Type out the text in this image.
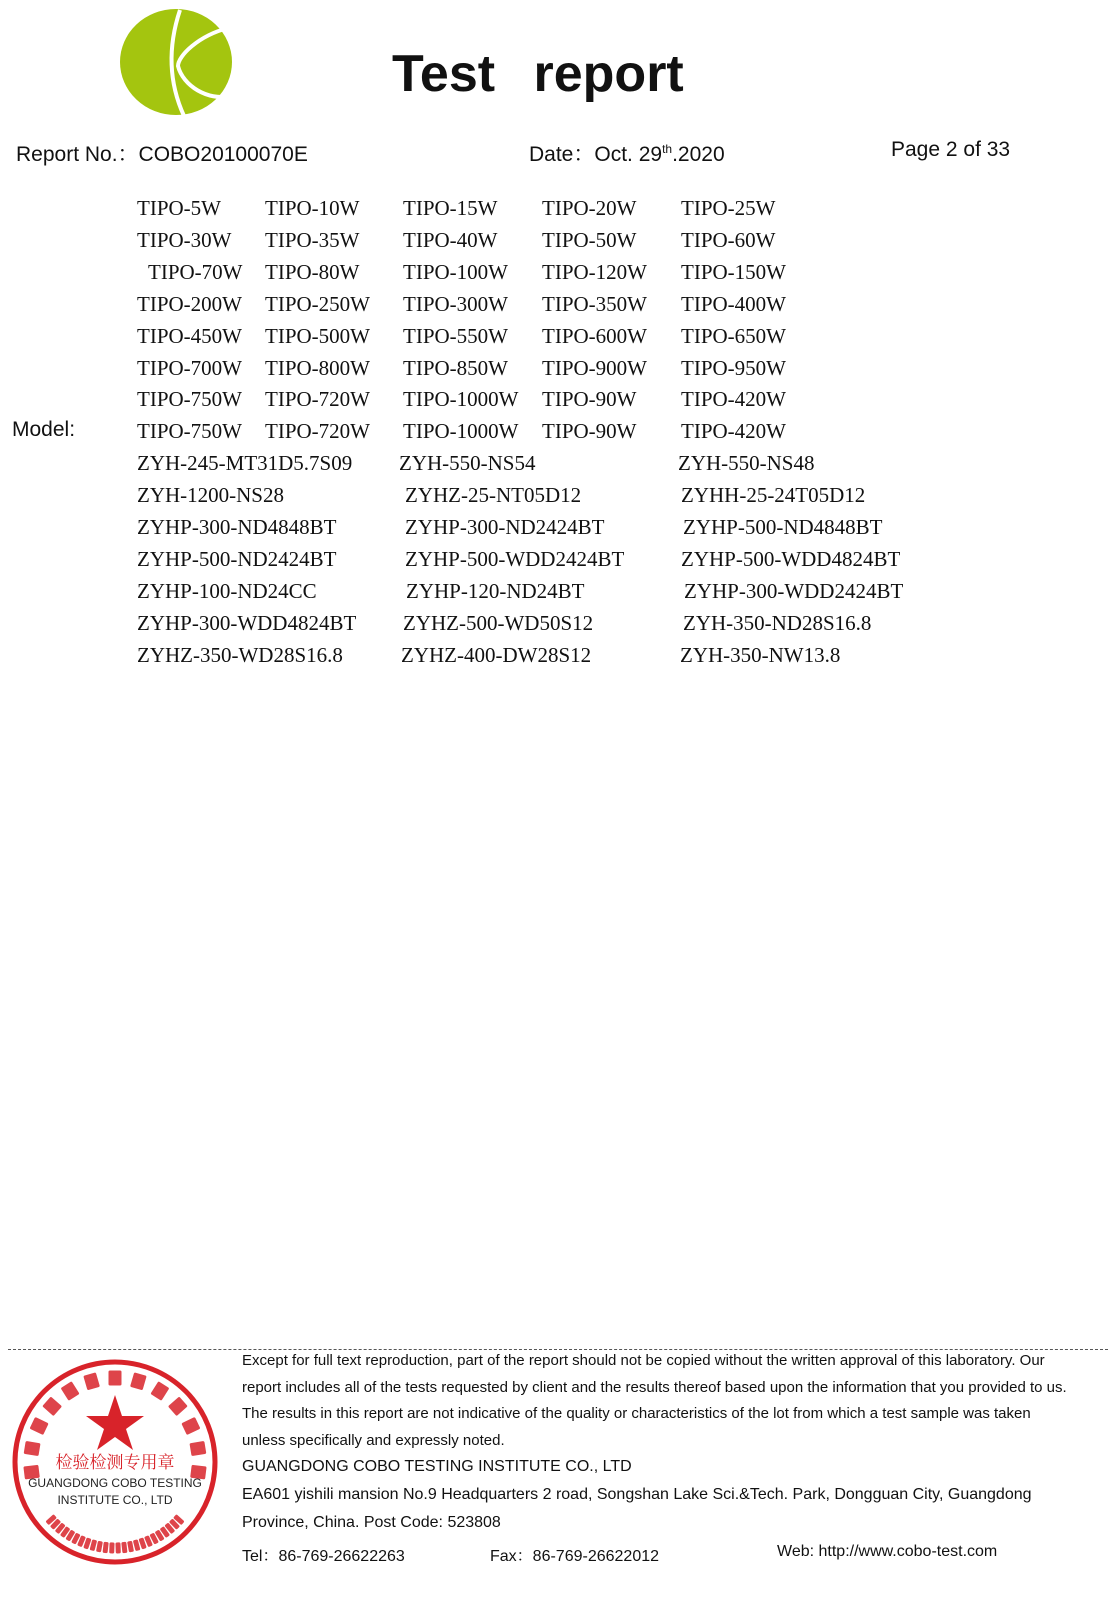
Test report
Report No.：COBO20100070E	Date：Oct. 29th.2020	Page 2 of 33
Model:
TIPO-5W TIPO-10W TIPO-15W TIPO-20W TIPO-25W
TIPO-30W TIPO-35W TIPO-40W TIPO-50W TIPO-60W
TIPO-70W TIPO-80W TIPO-100W TIPO-120W TIPO-150W
TIPO-200W TIPO-250W TIPO-300W TIPO-350W TIPO-400W
TIPO-450W TIPO-500W TIPO-550W TIPO-600W TIPO-650W
TIPO-700W TIPO-800W TIPO-850W TIPO-900W TIPO-950W
TIPO-750W TIPO-720W TIPO-1000W TIPO-90W TIPO-420W
TIPO-750W TIPO-720W TIPO-1000W TIPO-90W TIPO-420W
ZYH-245-MT31D5.7S09 ZYH-550-NS54	ZYH-550-NS48
ZYH-1200-NS28	ZYHZ-25-NT05D12	ZYHH-25-24T05D12
ZYHP-300-ND4848BT	ZYHP-300-ND2424BT	ZYHP-500-ND4848BT
ZYHP-500-ND2424BT	ZYHP-500-WDD2424BT	ZYHP-500-WDD4824BT
ZYHP-100-ND24CC	ZYHP-120-ND24BT	ZYHP-300-WDD2424BT
ZYHP-300-WDD4824BT ZYHZ-500-WD50S12	ZYH-350-ND28S16.8
ZYHZ-350-WD28S16.8	ZYHZ-400-DW28S12	ZYH-350-NW13.8
检验检测专用章
GUANGDONG COBO TESTING
INSTITUTE CO., LTD
Except for full text reproduction, part of the report should not be copied without the written approval of this laboratory. Our
report includes all of the tests requested by client and the results thereof based upon the information that you provided to us.
The results in this report are not indicative of the quality or characteristics of the lot from which a test sample was taken
unless specifically and expressly noted.
GUANGDONG COBO TESTING INSTITUTE CO., LTD
EA601 yishili mansion No.9 Headquarters 2 road, Songshan Lake Sci.&Tech. Park, Dongguan City, Guangdong
Province, China. Post Code: 523808
Tel：86-769-26622263	Fax：86-769-26622012	Web: http://www.cobo-test.com
